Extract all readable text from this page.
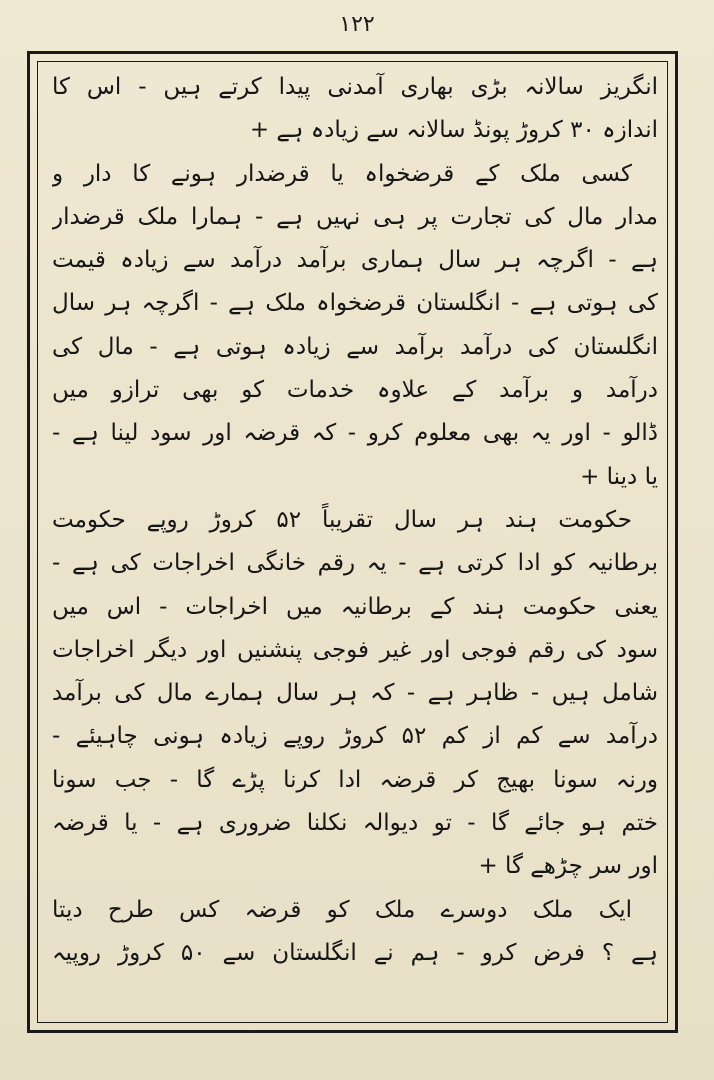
۱۲۲
انگریز سالانہ بڑی بھاری آمدنی پیدا کرتے ہیں - اس کا
اندازہ ۳۰ کروڑ پونڈ سالانہ سے زیادہ ہے +
کسی ملک کے قرضخواہ یا قرضدار ہونے کا دار و
مدار مال کی تجارت پر ہی نہیں ہے - ہمارا ملک قرضدار
ہے - اگرچہ ہر سال ہماری برآمد درآمد سے زیادہ قیمت
کی ہوتی ہے - انگلستان قرضخواہ ملک ہے - اگرچہ ہر سال
انگلستان کی درآمد برآمد سے زیادہ ہوتی ہے - مال کی
درآمد و برآمد کے علاوہ خدمات کو بھی ترازو میں
ڈالو - اور یہ بھی معلوم کرو - کہ قرضہ اور سود لینا ہے -
یا دینا +
حکومت ہند ہر سال تقریباً ۵۲ کروڑ روپے حکومت
برطانیہ کو ادا کرتی ہے - یہ رقم خانگی اخراجات کی ہے -
یعنی حکومت ہند کے برطانیہ میں اخراجات - اس میں
سود کی رقم فوجی اور غیر فوجی پنشنیں اور دیگر اخراجات
شامل ہیں - ظاہر ہے - کہ ہر سال ہمارے مال کی برآمد
درآمد سے کم از کم ۵۲ کروڑ روپے زیادہ ہونی چاہیئے -
ورنہ سونا بھیج کر قرضہ ادا کرنا پڑے گا - جب سونا
ختم ہو جائے گا - تو دیوالہ نکلنا ضروری ہے - یا قرضہ
اور سر چڑھے گا +
ایک ملک دوسرے ملک کو قرضہ کس طرح دیتا
ہے ؟ فرض کرو - ہم نے انگلستان سے ۵۰ کروڑ روپیہ
